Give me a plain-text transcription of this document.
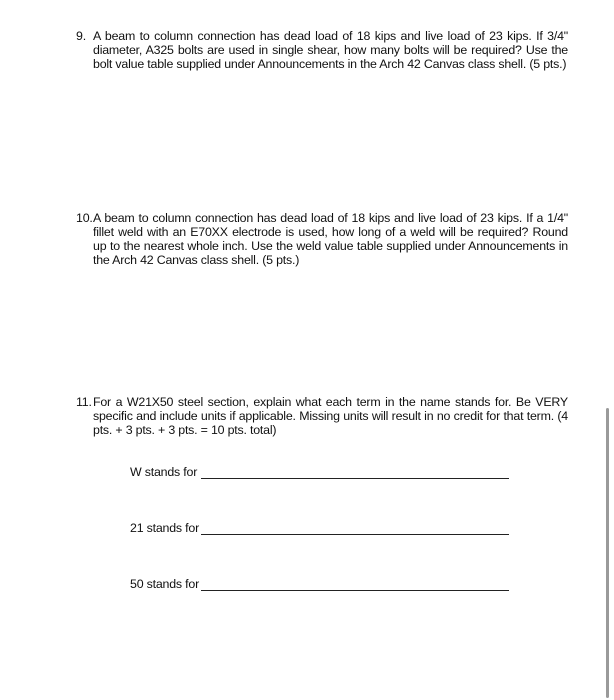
9. A beam to column connection has dead load of 18 kips and live load of 23 kips. If 3/4" diameter, A325 bolts are used in single shear, how many bolts will be required? Use the bolt value table supplied under Announcements in the Arch 42 Canvas class shell. (5 pts.)
10. A beam to column connection has dead load of 18 kips and live load of 23 kips. If a 1/4" fillet weld with an E70XX electrode is used, how long of a weld will be required? Round up to the nearest whole inch. Use the weld value table supplied under Announcements in the Arch 42 Canvas class shell. (5 pts.)
11. For a W21X50 steel section, explain what each term in the name stands for. Be VERY specific and include units if applicable. Missing units will result in no credit for that term. (4 pts. + 3 pts. + 3 pts. = 10 pts. total)
W stands for
21 stands for
50 stands for
